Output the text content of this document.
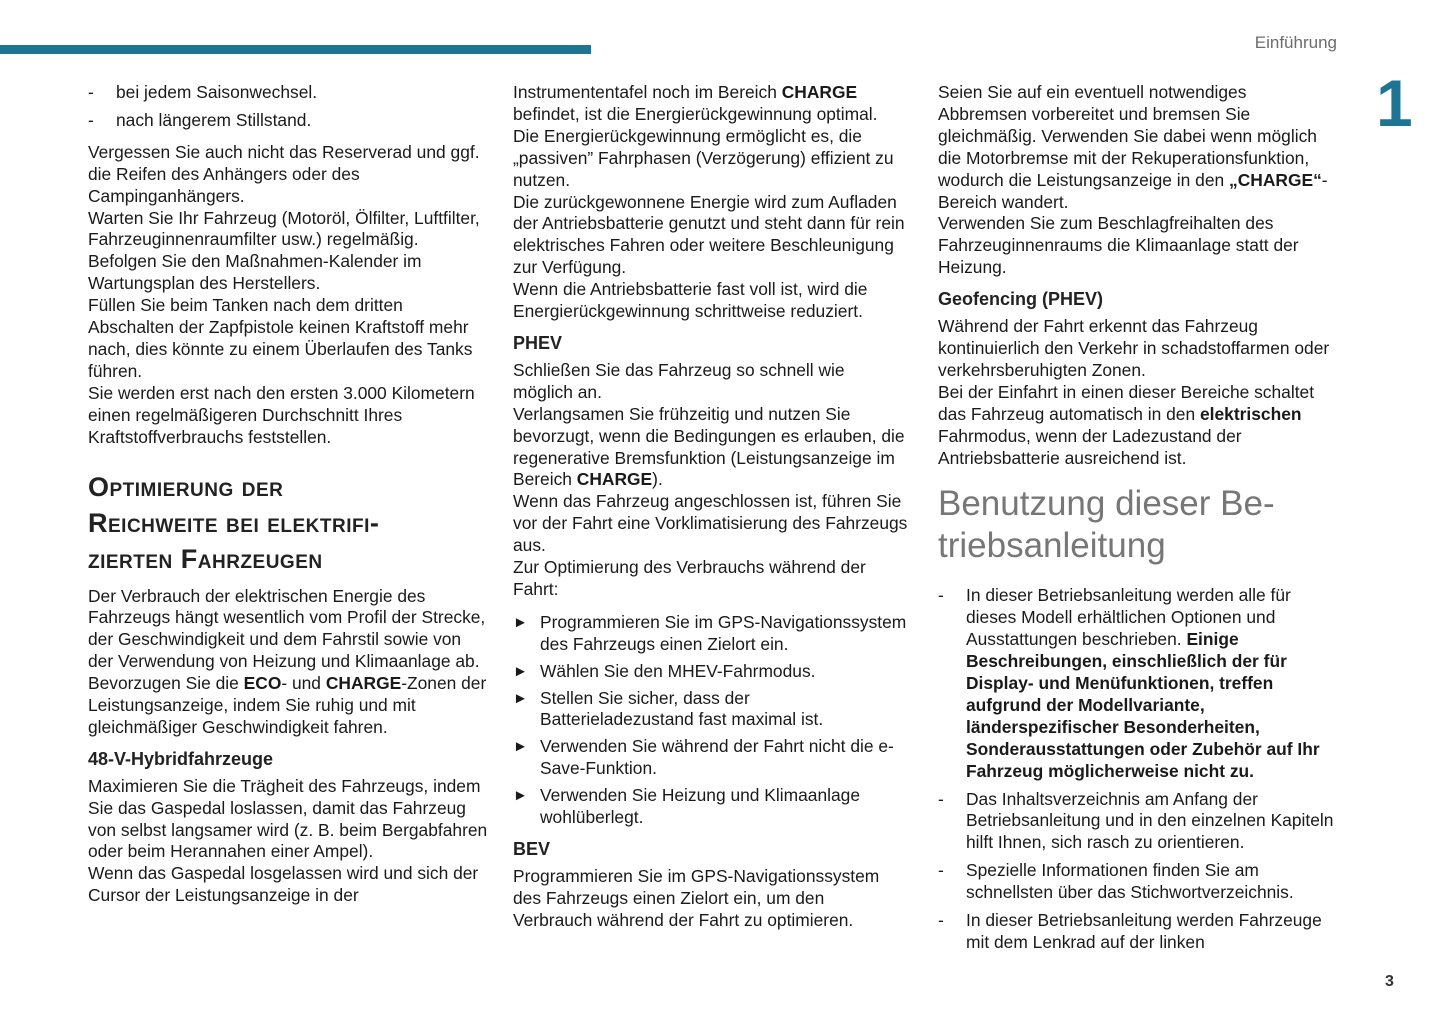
Einführung
1
3
-	bei jedem Saisonwechsel.
-	nach längerem Stillstand.

Vergessen Sie auch nicht das Reserverad und ggf. die Reifen des Anhängers oder des Campinganhängers.

Warten Sie Ihr Fahrzeug (Motoröl, Ölfilter, Luftfilter, Fahrzeuginnenraumfilter usw.) regelmäßig. Befolgen Sie den Maßnahmen-Kalender im Wartungsplan des Herstellers.

Füllen Sie beim Tanken nach dem dritten Abschalten der Zapfpistole keinen Kraftstoff mehr nach, dies könnte zu einem Überlaufen des Tanks führen.

Sie werden erst nach den ersten 3.000 Kilometern einen regelmäßigeren Durchschnitt Ihres Kraftstoffverbrauchs feststellen.

Optimierung der
Reichweite bei elektrifi-
zierten Fahrzeugen

Der Verbrauch der elektrischen Energie des Fahrzeugs hängt wesentlich vom Profil der Strecke, der Geschwindigkeit und dem Fahrstil sowie von der Verwendung von Heizung und Klimaanlage ab.

Bevorzugen Sie die ECO- und CHARGE-Zonen der Leistungsanzeige, indem Sie ruhig und mit gleichmäßiger Geschwindigkeit fahren.

48-V-Hybridfahrzeuge

Maximieren Sie die Trägheit des Fahrzeugs, indem Sie das Gaspedal loslassen, damit das Fahrzeug von selbst langsamer wird (z. B. beim Bergabfahren oder beim Herannahen einer Ampel).

Wenn das Gaspedal losgelassen wird und sich der Cursor der Leistungsanzeige in der

Instrumententafel noch im Bereich CHARGE befindet, ist die Energierückgewinnung optimal.

Die Energierückgewinnung ermöglicht es, die „passiven” Fahrphasen (Verzögerung) effizient zu nutzen.

Die zurückgewonnene Energie wird zum Aufladen der Antriebsbatterie genutzt und steht dann für rein elektrisches Fahren oder weitere Beschleunigung zur Verfügung.

Wenn die Antriebsbatterie fast voll ist, wird die Energierückgewinnung schrittweise reduziert.

PHEV

Schließen Sie das Fahrzeug so schnell wie möglich an.

Verlangsamen Sie frühzeitig und nutzen Sie bevorzugt, wenn die Bedingungen es erlauben, die regenerative Bremsfunktion (Leistungsanzeige im Bereich CHARGE).

Wenn das Fahrzeug angeschlossen ist, führen Sie vor der Fahrt eine Vorklimatisierung des Fahrzeugs aus.

Zur Optimierung des Verbrauchs während der Fahrt:

► Programmieren Sie im GPS-Navigationssystem des Fahrzeugs einen Zielort ein.
► Wählen Sie den MHEV-Fahrmodus.
► Stellen Sie sicher, dass der Batterieladezustand fast maximal ist.
► Verwenden Sie während der Fahrt nicht die e-Save-Funktion.
► Verwenden Sie Heizung und Klimaanlage wohlüberlegt.
BEV

Programmieren Sie im GPS-Navigationssystem des Fahrzeugs einen Zielort ein, um den Verbrauch während der Fahrt zu optimieren.

Seien Sie auf ein eventuell notwendiges Abbremsen vorbereitet und bremsen Sie gleichmäßig. Verwenden Sie dabei wenn möglich die Motorbremse mit der Rekuperationsfunktion, wodurch die Leistungsanzeige in den „CHARGE“-Bereich wandert.

Verwenden Sie zum Beschlagfreihalten des Fahrzeuginnenraums die Klimaanlage statt der Heizung.

Geofencing (PHEV)

Während der Fahrt erkennt das Fahrzeug kontinuierlich den Verkehr in schadstoffarmen oder verkehrsberuhigten Zonen.

Bei der Einfahrt in einen dieser Bereiche schaltet das Fahrzeug automatisch in den elektrischen Fahrmodus, wenn der Ladezustand der Antriebsbatterie ausreichend ist.

Benutzung dieser Be-
triebsanleitung
-	In dieser Betriebsanleitung werden alle für dieses Modell erhältlichen Optionen und Ausstattungen beschrieben. Einige Beschreibungen, einschließlich der für Display- und Menüfunktionen, treffen aufgrund der Modellvariante, länderspezifischer Besonderheiten, Sonderausstattungen oder Zubehör auf Ihr Fahrzeug möglicherweise nicht zu.
-	Das Inhaltsverzeichnis am Anfang der Betriebsanleitung und in den einzelnen Kapiteln hilft Ihnen, sich rasch zu orientieren.
-	Spezielle Informationen finden Sie am schnellsten über das Stichwortverzeichnis.
-	In dieser Betriebsanleitung werden Fahrzeuge mit dem Lenkrad auf der linken
